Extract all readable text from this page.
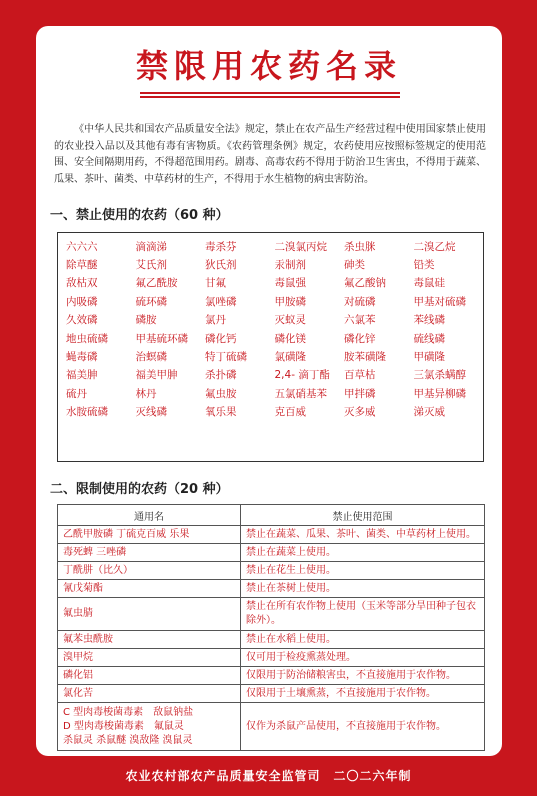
禁限用农药名录

《中华人民共和国农产品质量安全法》规定，禁止在农产品生产经营过程中使用国家禁止使用的农业投入品以及其他有毒有害物质。《农药管理条例》规定，农药使用应按照标签规定的使用范围、安全间隔期用药，不得超范围用药。剧毒、高毒农药不得用于防治卫生害虫，不得用于蔬菜、瓜果、茶叶、菌类、中草药材的生产，不得用于水生植物的病虫害防治。

一、禁止使用的农药（60 种）
六六六	滴滴涕	毒杀芬	二溴氯丙烷	杀虫脒	二溴乙烷
除草醚	艾氏剂	狄氏剂	汞制剂	砷类	铅类
敌枯双	氟乙酰胺	甘氟	毒鼠强	氟乙酸钠	毒鼠硅
内吸磷	硫环磷	氯唑磷	甲胺磷	对硫磷	甲基对硫磷
久效磷	磷胺	氯丹	灭蚁灵	六氯苯	苯线磷
地虫硫磷	甲基硫环磷	磷化钙	磷化镁	磷化锌	硫线磷
蝇毒磷	治螟磷	特丁硫磷	氯磺隆	胺苯磺隆	甲磺隆
福美胂	福美甲胂	杀扑磷	2,4- 滴丁酯	百草枯	三氯杀螨醇
硫丹	林丹	氟虫胺	五氯硝基苯	甲拌磷	甲基异柳磷
水胺硫磷	灭线磷	氧乐果	克百威	灭多威	涕灭威
二、限制使用的农药（20 种）
通用名	禁止使用范围
乙酰甲胺磷 丁硫克百威 乐果	禁止在蔬菜、瓜果、茶叶、菌类、中草药材上使用。
毒死蜱 三唑磷	禁止在蔬菜上使用。
丁酰肼（比久）	禁止在花生上使用。
氰戊菊酯	禁止在茶树上使用。
氟虫腈	禁止在所有农作物上使用（玉米等部分旱田种子包衣除外）。
氟苯虫酰胺	禁止在水稻上使用。
溴甲烷	仅可用于检疫熏蒸处理。
磷化铝	仅限用于防治储粮害虫，不直接施用于农作物。
氯化苦	仅限用于土壤熏蒸，不直接施用于农作物。
C 型肉毒梭菌毒素　敌鼠钠盐
D 型肉毒梭菌毒素　氟鼠灵
杀鼠灵 杀鼠醚 溴敌隆 溴鼠灵	仅作为杀鼠产品使用，不直接施用于农作物。
农业农村部农产品质量安全监管司　二〇二六年制
